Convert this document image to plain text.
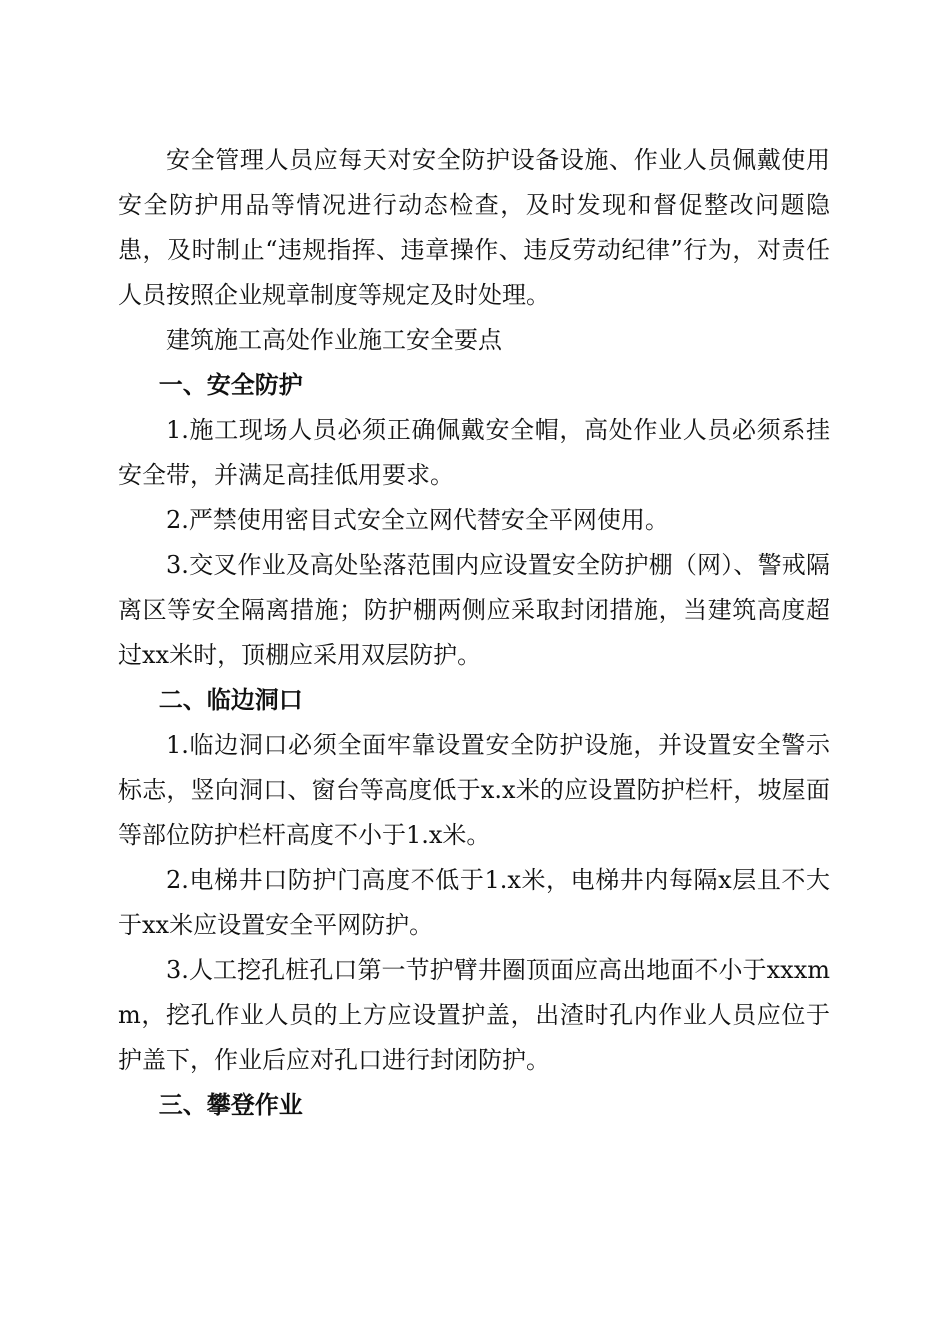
安全管理人员应每天对安全防护设备设施、作业人员佩戴使用安全防护用品等情况进行动态检查，及时发现和督促整改问题隐患，及时制止“违规指挥、违章操作、违反劳动纪律”行为，对责任人员按照企业规章制度等规定及时处理。

建筑施工高处作业施工安全要点

一、安全防护

1.施工现场人员必须正确佩戴安全帽，高处作业人员必须系挂安全带，并满足高挂低用要求。

2.严禁使用密目式安全立网代替安全平网使用。

3.交叉作业及高处坠落范围内应设置安全防护棚（网）、警戒隔离区等安全隔离措施；防护棚两侧应采取封闭措施，当建筑高度超过xx米时，顶棚应采用双层防护。

二、临边洞口

1.临边洞口必须全面牢靠设置安全防护设施，并设置安全警示标志，竖向洞口、窗台等高度低于x.x米的应设置防护栏杆，坡屋面等部位防护栏杆高度不小于1.x米。

2.电梯井口防护门高度不低于1.x米，电梯井内每隔x层且不大于xx米应设置安全平网防护。

3.人工挖孔桩孔口第一节护臂井圈顶面应高出地面不小于xxxmm，挖孔作业人员的上方应设置护盖，出渣时孔内作业人员应位于护盖下，作业后应对孔口进行封闭防护。

三、攀登作业
